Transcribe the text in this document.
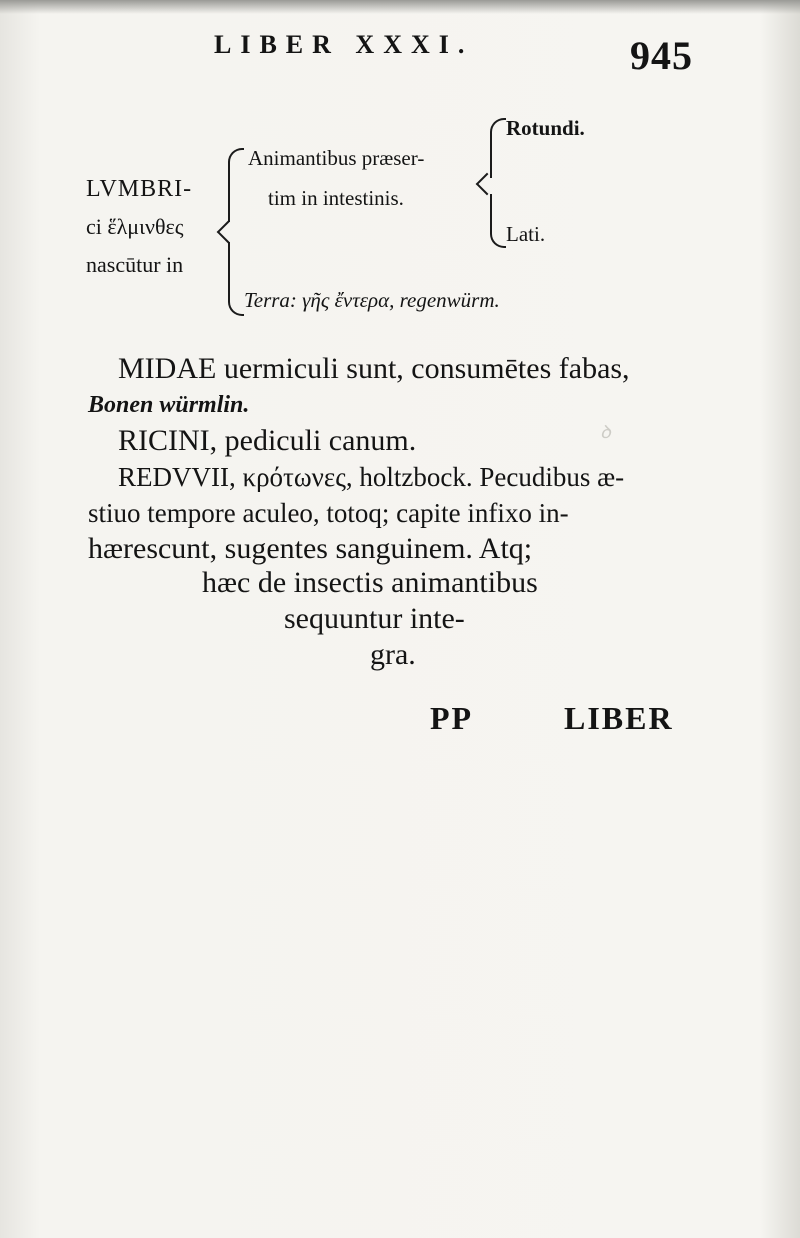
ꝺ
LIBER XXXI.	945
LVMBRI-
ci ἕλμινθες
nascūtur in
Animantibus præser-
tim in intestinis.
Rotundi.
Lati.
Terra: γῆς ἔντερα, regenwürm.
MIDAE uermiculi sunt, consumētes fabas,
Bonen würmlin.
RICINI, pediculi canum.
REDVVII, κρότωνες, holtzbock. Pecudibus æ-
stiuo tempore aculeo, totoq; capite infixo in-
hærescunt, sugentes sanguinem. Atq;
hæc de insectis animantibus
sequuntur inte-
gra.
PP	LIBER
